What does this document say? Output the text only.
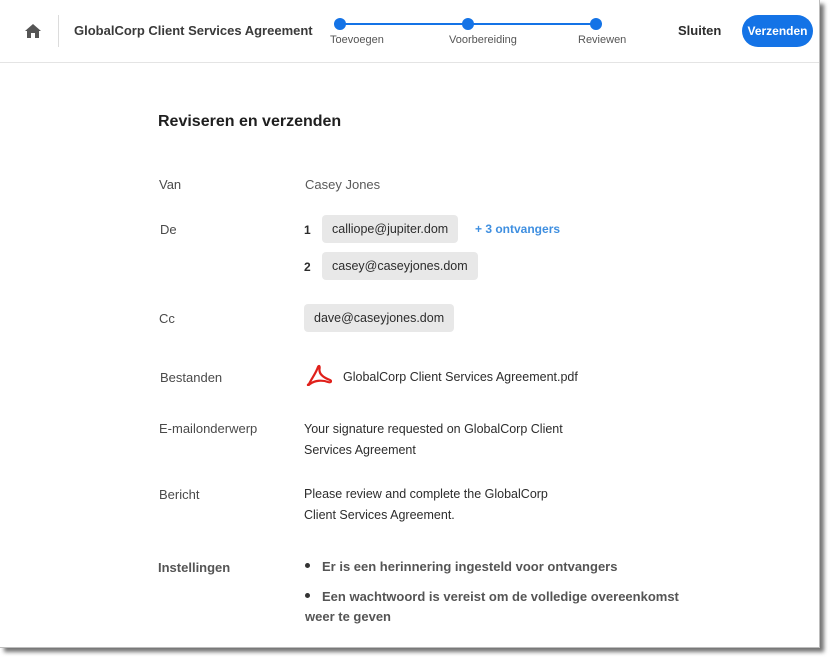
GlobalCorp Client Services Agreement
Toevoegen	Voorbereiding	Reviewen
Sluiten	Verzenden
Reviseren en verzenden
Van	Casey Jones
De	1	calliope@jupiter.dom	+ 3 ontvangers
2	casey@caseyjones.dom
Cc	dave@caseyjones.dom
Bestanden	GlobalCorp Client Services Agreement.pdf
E-mailonderwerp	Your signature requested on GlobalCorp Client
Services Agreement
Bericht	Please review and complete the GlobalCorp
Client Services Agreement.
Instellingen	Er is een herinnering ingesteld voor ontvangers
Een wachtwoord is vereist om de volledige overeenkomst
weer te geven
